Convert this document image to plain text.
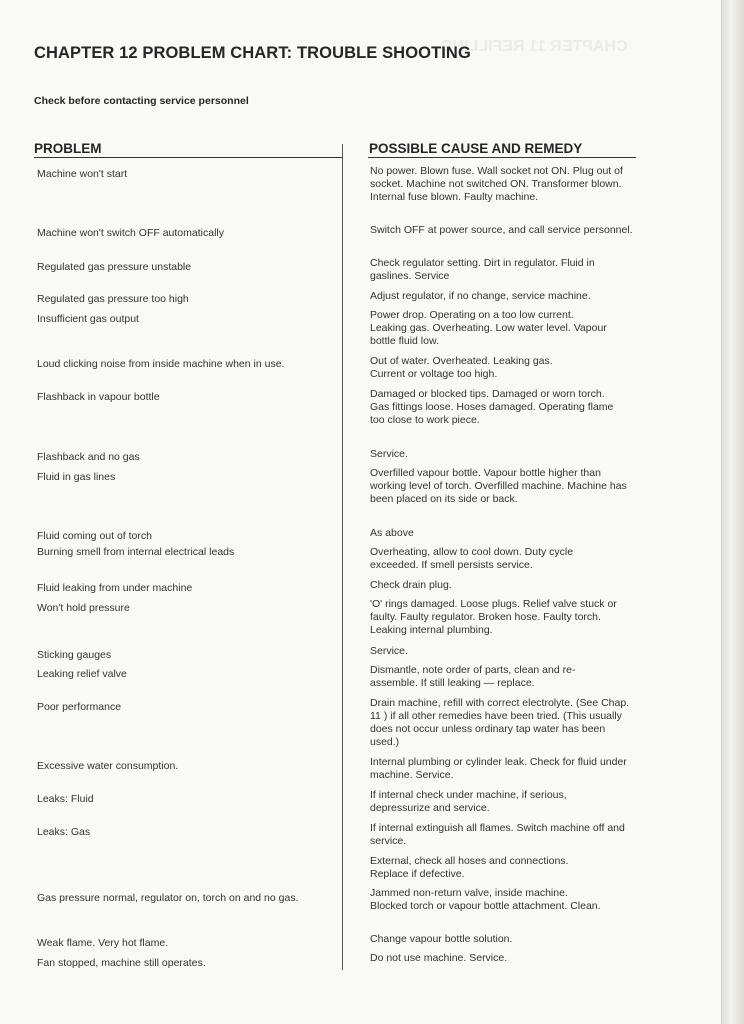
CHAPTER 11 REFILLING
CHAPTER 12 PROBLEM CHART: TROUBLE SHOOTING

Check before contacting service personnel

PROBLEM	POSSIBLE CAUSE AND REMEDY

Machine won't start

Machine won't switch OFF automatically

Regulated gas pressure unstable

Regulated gas pressure too high

Insufficient gas output

Loud clicking noise from inside machine when in use.

Flashback in vapour bottle

Flashback and no gas

Fluid in gas lines

Fluid coming out of torch

Burning smell from internal electrical leads

Fluid leaking from under machine

Won't hold pressure

Sticking gauges

Leaking relief valve

Poor performance

Excessive water consumption.

Leaks: Fluid

Leaks: Gas

Gas pressure normal, regulator on, torch on and no gas.

Weak flame. Very hot flame.

Fan stopped, machine still operates.

No power. Blown fuse. Wall socket not ON. Plug out of socket. Machine not switched ON. Transformer blown. Internal fuse blown. Faulty machine.

Switch OFF at power source, and call service personnel.

Check regulator setting. Dirt in regulator. Fluid in gaslines. Service

Adjust regulator, if no change, service machine.

Power drop. Operating on a too low current. Leaking gas. Overheating. Low water level. Vapour bottle fluid low.

Out of water. Overheated. Leaking gas. Current or voltage too high.

Damaged or blocked tips. Damaged or worn torch. Gas fittings loose. Hoses damaged. Operating flame too close to work piece.

Service.

Overfilled vapour bottle. Vapour bottle higher than working level of torch. Overfilled machine. Machine has been placed on its side or back.

As above

Overheating, allow to cool down. Duty cycle exceeded. If smell persists service.

Check drain plug.

'O' rings damaged. Loose plugs. Relief valve stuck or faulty. Faulty regulator. Broken hose. Faulty torch. Leaking internal plumbing.

Service.

Dismantle, note order of parts, clean and re-assemble. If still leaking — replace.

Drain machine, refill with correct electrolyte. (See Chap. 11 ) if all other remedies have been tried. (This usually does not occur unless ordinary tap water has been used.)

Internal plumbing or cylinder leak. Check for fluid under machine. Service.

If internal check under machine, if serious, depressurize and service.

If internal extinguish all flames. Switch machine off and service.

External, check all hoses and connections. Replace if defective.

Jammed non-return valve, inside machine. Blocked torch or vapour bottle attachment. Clean.

Change vapour bottle solution.

Do not use machine. Service.
